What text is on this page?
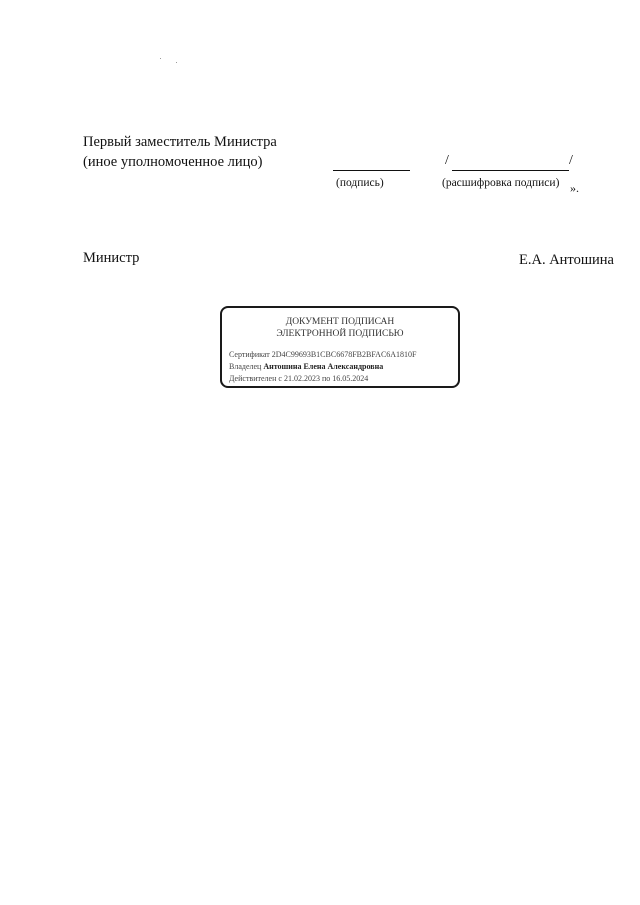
Первый заместитель Министра
(иное уполномоченное лицо)
(подпись)
/	/
(расшифровка подписи) ».
Министр	Е.А. Антошина
ДОКУМЕНТ ПОДПИСАН
ЭЛЕКТРОННОЙ ПОДПИСЬЮ
Сертификат 2D4C99693B1CBC6678FB2BFAC6A1810F
Владелец Антошина Елена Александровна
Действителен с 21.02.2023 по 16.05.2024
